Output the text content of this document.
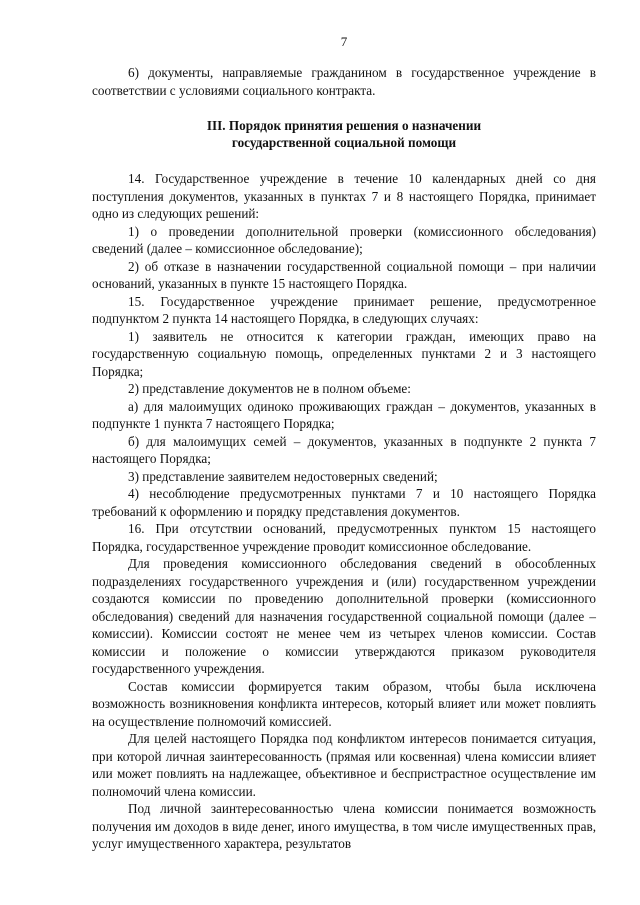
7

6) документы, направляемые гражданином в государственное учреждение в соответствии с условиями социального контракта.

III. Порядок принятия решения о назначении
государственной социальной помощи

14. Государственное учреждение в течение 10 календарных дней со дня поступления документов, указанных в пунктах 7 и 8 настоящего Порядка, принимает одно из следующих решений:

1) о проведении дополнительной проверки (комиссионного обследования) сведений (далее – комиссионное обследование);

2) об отказе в назначении государственной социальной помощи – при наличии оснований, указанных в пункте 15 настоящего Порядка.

15. Государственное учреждение принимает решение, предусмотренное подпунктом 2 пункта 14 настоящего Порядка, в следующих случаях:

1) заявитель не относится к категории граждан, имеющих право на государственную социальную помощь, определенных пунктами 2 и 3 настоящего Порядка;

2) представление документов не в полном объеме:

а) для малоимущих одиноко проживающих граждан – документов, указанных в подпункте 1 пункта 7 настоящего Порядка;

б) для малоимущих семей – документов, указанных в подпункте 2 пункта 7 настоящего Порядка;

3) представление заявителем недостоверных сведений;

4) несоблюдение предусмотренных пунктами 7 и 10 настоящего Порядка требований к оформлению и порядку представления документов.

16. При отсутствии оснований, предусмотренных пунктом 15 настоящего Порядка, государственное учреждение проводит комиссионное обследование.

Для проведения комиссионного обследования сведений в обособленных подразделениях государственного учреждения и (или) государственном учреждении создаются комиссии по проведению дополнительной проверки (комиссионного обследования) сведений для назначения государственной социальной помощи (далее – комиссии). Комиссии состоят не менее чем из четырех членов комиссии. Состав комиссии и положение о комиссии утверждаются приказом руководителя государственного учреждения.

Состав комиссии формируется таким образом, чтобы была исключена возможность возникновения конфликта интересов, который влияет или может повлиять на осуществление полномочий комиссией.

Для целей настоящего Порядка под конфликтом интересов понимается ситуация, при которой личная заинтересованность (прямая или косвенная) члена комиссии влияет или может повлиять на надлежащее, объективное и беспристрастное осуществление им полномочий члена комиссии.

Под личной заинтересованностью члена комиссии понимается возможность получения им доходов в виде денег, иного имущества, в том числе имущественных прав, услуг имущественного характера, результатов
